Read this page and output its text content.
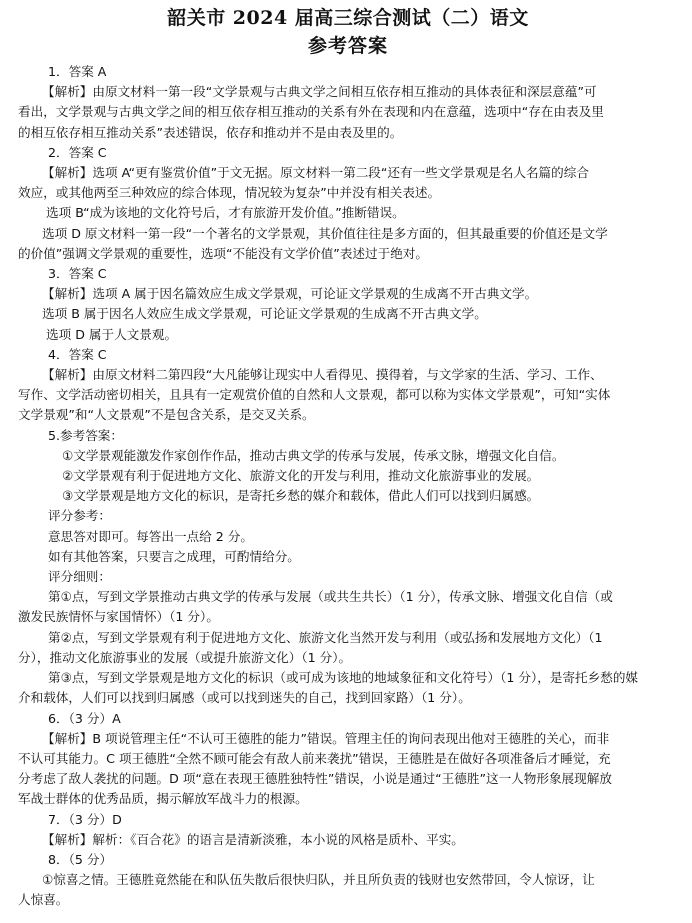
韶关市 2024 届高三综合测试（二）语文
参考答案

1．答案 A

【解析】由原文材料一第一段“文学景观与古典文学之间相互依存相互推动的具体表征和深层意蕴”可

看出，文学景观与古典文学之间的相互依存相互推动的关系有外在表现和内在意蕴，选项中“存在由表及里

的相互依存相互推动关系”表述错误，依存和推动并不是由表及里的。

2．答案 C

【解析】选项 A“更有鉴赏价值”于文无据。原文材料一第二段“还有一些文学景观是名人名篇的综合

效应，或其他两至三种效应的综合体现，情况较为复杂”中并没有相关表述。

选项 B“成为该地的文化符号后，才有旅游开发价值。”推断错误。

选项 D 原文材料一第一段“一个著名的文学景观，其价值往往是多方面的，但其最重要的价值还是文学

的价值”强调文学景观的重要性，选项“不能没有文学价值”表述过于绝对。

3．答案 C

【解析】选项 A 属于因名篇效应生成文学景观，可论证文学景观的生成离不开古典文学。

选项 B 属于因名人效应生成文学景观，可论证文学景观的生成离不开古典文学。

选项 D 属于人文景观。

4．答案 C

【解析】由原文材料二第四段“大凡能够让现实中人看得见、摸得着，与文学家的生活、学习、工作、

写作、文学活动密切相关，且具有一定观赏价值的自然和人文景观，都可以称为实体文学景观”，可知“实体

文学景观”和“人文景观”不是包含关系，是交叉关系。

5.参考答案：

①文学景观能激发作家创作作品，推动古典文学的传承与发展，传承文脉，增强文化自信。

②文学景观有利于促进地方文化、旅游文化的开发与利用，推动文化旅游事业的发展。

③文学景观是地方文化的标识，是寄托乡愁的媒介和载体，借此人们可以找到归属感。

评分参考：

意思答对即可。每答出一点给 2 分。

如有其他答案，只要言之成理，可酌情给分。

评分细则：

第①点，写到文学景推动古典文学的传承与发展（或共生共长）（1 分），传承文脉、增强文化自信（或

激发民族情怀与家国情怀）（1 分）。

第②点，写到文学景观有利于促进地方文化、旅游文化当然开发与利用（或弘扬和发展地方文化）（1

分），推动文化旅游事业的发展（或提升旅游文化）（1 分）。

第③点，写到文学景观是地方文化的标识（或可成为该地的地域象征和文化符号）（1 分），是寄托乡愁的媒

介和载体，人们可以找到归属感（或可以找到迷失的自己，找到回家路）（1 分）。

6．（3 分）A

【解析】B 项说管理主任“不认可王德胜的能力”错误。管理主任的询问表现出他对王德胜的关心，而非

不认可其能力。C 项王德胜“全然不顾可能会有敌人前来袭扰”错误，王德胜是在做好各项准备后才睡觉，充

分考虑了敌人袭扰的问题。D 项“意在表现王德胜独特性”错误，小说是通过“王德胜”这一人物形象展现解放

军战士群体的优秀品质，揭示解放军战斗力的根源。

7．（3 分）D

【解析】解析：《百合花》的语言是清新淡雅，本小说的风格是质朴、平实。

8．（5 分）

①惊喜之情。王德胜竟然能在和队伍失散后很快归队，并且所负责的钱财也安然带回，令人惊讶，让

人惊喜。
